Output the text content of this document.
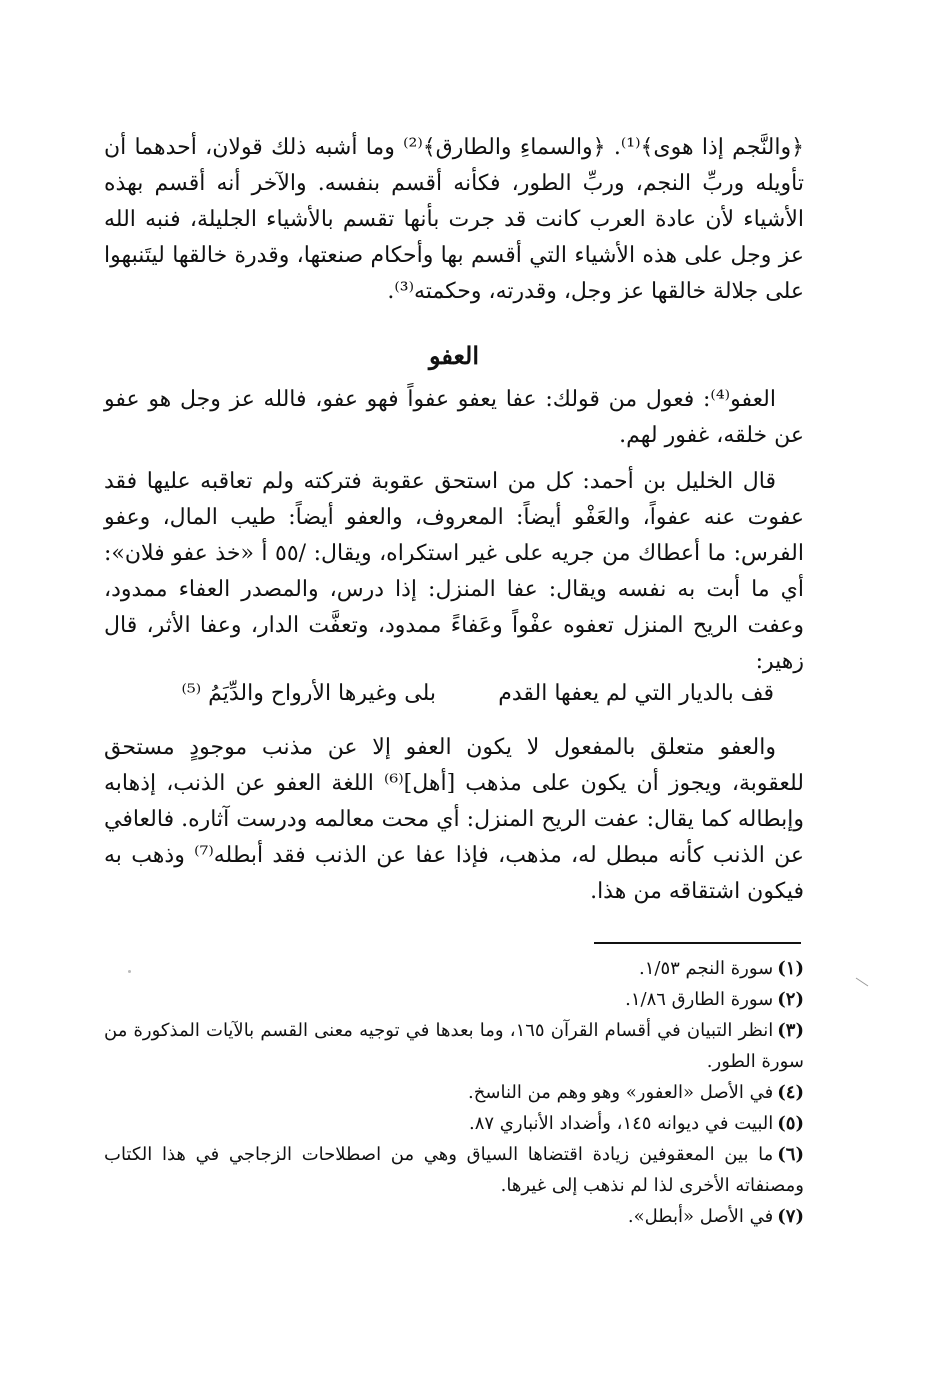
﴿والنَّجم إذا هوى﴾⁽¹⁾. ﴿والسماءِ والطارق﴾⁽²⁾ وما أشبه ذلك قولان، أحدهما أن تأويله وربِّ النجم، وربِّ الطور، فكأنه أقسم بنفسه. والآخر أنه أقسم بهذه الأشياء لأن عادة العرب كانت قد جرت بأنها تقسم بالأشياء الجليلة، فنبه الله عز وجل على هذه الأشياء التي أقسم بها وأحكام صنعتها، وقدرة خالقها ليتَنبهوا على جلالة خالقها عز وجل، وقدرته، وحكمته⁽³⁾.

العفو

العفو⁽⁴⁾: فعول من قولك: عفا يعفو عفواً فهو عفو، فالله عز وجل هو عفو عن خلقه، غفور لهم.

قال الخليل بن أحمد: كل من استحق عقوبة فتركته ولم تعاقبه عليها فقد عفوت عنه عفواً، والعَفْو أيضاً: المعروف، والعفو أيضاً: طيب المال، وعفو الفرس: ما أعطاك من جريه على غير استكراه، ويقال: /٥٥ أ «خذ عفو فلان»: أي ما أبت به نفسه ويقال: عفا المنزل: إذا درس، والمصدر العفاء ممدود، وعفت الريح المنزل تعفوه عفْواً وعَفاءً ممدود، وتعفَّت الدار، وعفا الأثر، قال زهير:

قف بالديار التي لم يعفها القدم
بلى وغيرها الأرواح والدِّيَمُ ⁽⁵⁾

والعفو متعلق بالمفعول لا يكون العفو إلا عن مذنب موجودٍ مستحق للعقوبة، ويجوز أن يكون على مذهب [أهل]⁽⁶⁾ اللغة العفو عن الذنب، إذهابه وإبطاله كما يقال: عفت الريح المنزل: أي محت معالمه ودرست آثاره. فالعافي عن الذنب كأنه مبطل له، مذهب، فإذا عفا عن الذنب فقد أبطله⁽⁷⁾ وذهب به فيكون اشتقاقه من هذا.

(١)سورة النجم ١/٥٣.
(٢)سورة الطارق ١/٨٦.
(٣)انظر التبيان في أقسام القرآن ١٦٥، وما بعدها في توجيه معنى القسم بالآيات المذكورة من سورة الطور.
(٤)في الأصل «العفور» وهو وهم من الناسخ.
(٥)البيت في ديوانه ١٤٥، وأضداد الأنباري ٨٧.
(٦)ما بين المعقوفين زيادة اقتضاها السياق وهي من اصطلاحات الزجاجي في هذا الكتاب ومصنفاته الأخرى لذا لم نذهب إلى غيرها.
(٧)في الأصل «أبطل».
